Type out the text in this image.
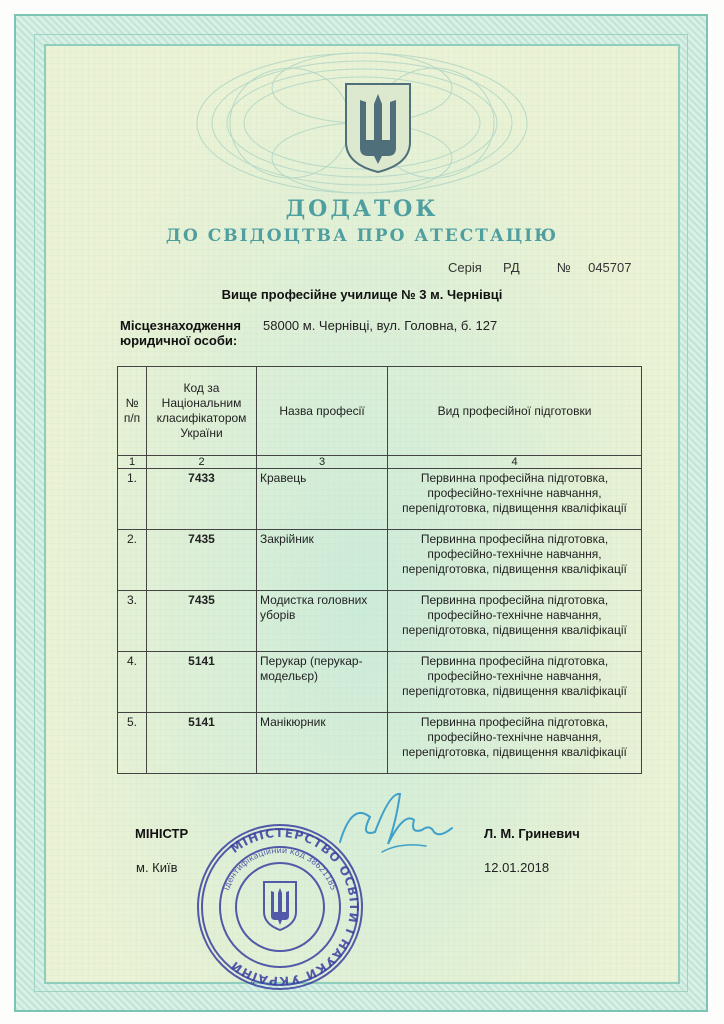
ДОДАТОК
ДО СВІДОЦТВА ПРО АТЕСТАЦІЮ
Серія РД	№ 045707
Вище професійне училище № 3 м. Чернівці
Місцезнаходження
юридичної особи:
58000 м. Чернівці, вул. Головна, б. 127
№ п/п	Код за Національним класифікатором України	Назва професії	Вид професійної підготовки
1	2	3	4
1.	7433	Кравець	Первинна професійна підготовка, професійно-технічне навчання, перепідготовка, підвищення кваліфікації
2.	7435	Закрійник	Первинна професійна підготовка, професійно-технічне навчання, перепідготовка, підвищення кваліфікації
3.	7435	Модистка головних уборів	Первинна професійна підготовка, професійно-технічне навчання, перепідготовка, підвищення кваліфікації
4.	5141	Перукар (перукар-модельєр)	Первинна професійна підготовка, професійно-технічне навчання, перепідготовка, підвищення кваліфікації
5.	5141	Манікюрник	Первинна професійна підготовка, професійно-технічне навчання, перепідготовка, підвищення кваліфікації
МІНІСТР	Л. М. Гриневич
м. Київ	12.01.2018
МІНІСТЕРСТВО ОСВІТИ І НАУКИ УКРАЇНИ
Ідентифікаційний код 38621185
